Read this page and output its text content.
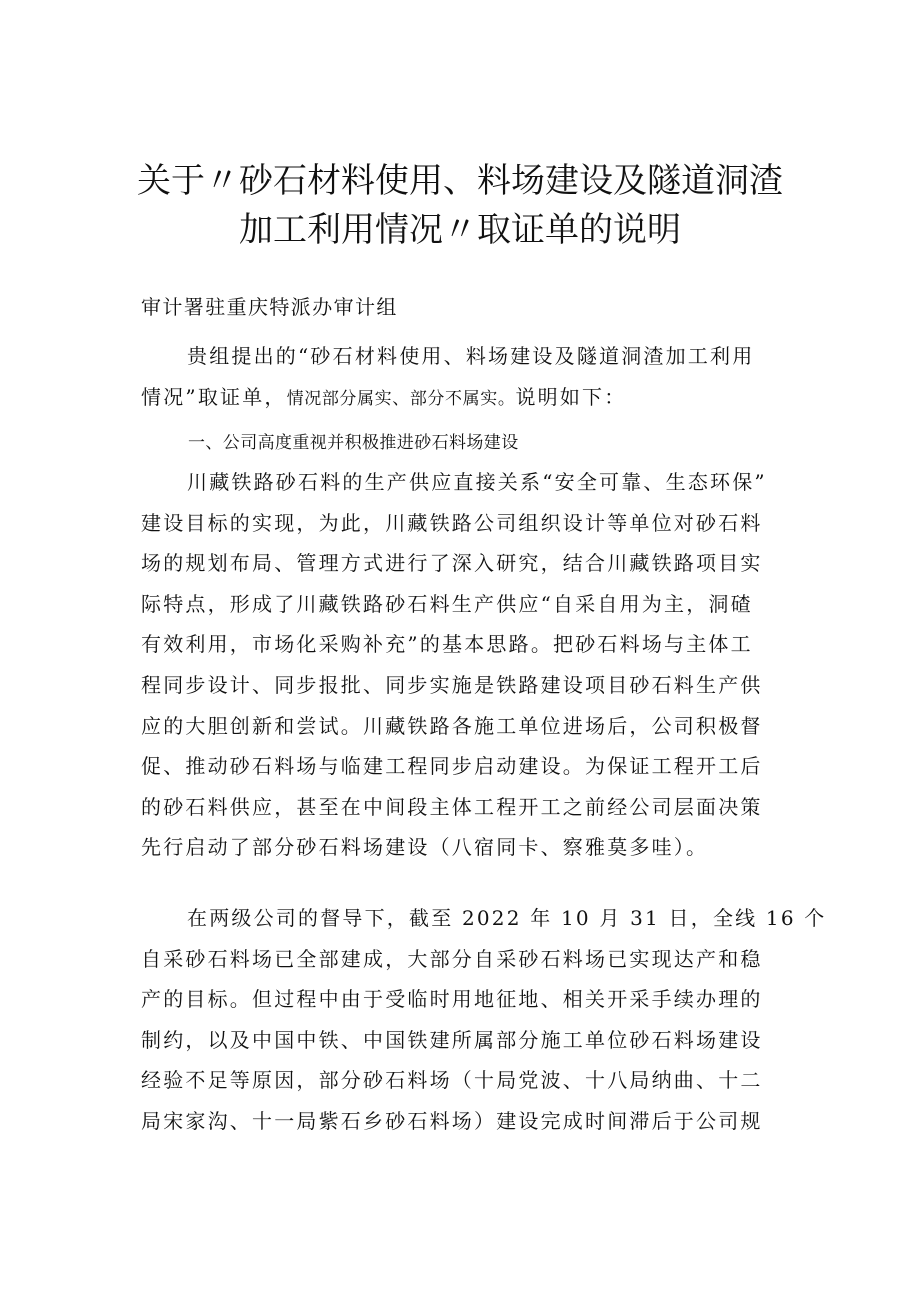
关于〃砂石材料使用、料场建设及隧道洞渣
加工利用情况〃取证单的说明
审计署驻重庆特派办审计组
贵组提出的“砂石材料使用、料场建设及隧道洞渣加工利用
情况”取证单，情况部分属实、部分不属实。说明如下：
一、公司高度重视并积极推进砂石料场建设
川藏铁路砂石料的生产供应直接关系“安全可靠、生态环保”
建设目标的实现，为此，川藏铁路公司组织设计等单位对砂石料
场的规划布局、管理方式进行了深入研究，结合川藏铁路项目实
际特点，形成了川藏铁路砂石料生产供应“自采自用为主，洞碴
有效利用，市场化采购补充”的基本思路。把砂石料场与主体工
程同步设计、同步报批、同步实施是铁路建设项目砂石料生产供
应的大胆创新和尝试。川藏铁路各施工单位进场后，公司积极督
促、推动砂石料场与临建工程同步启动建设。为保证工程开工后
的砂石料供应，甚至在中间段主体工程开工之前经公司层面决策
先行启动了部分砂石料场建设（八宿同卡、察雅莫多哇）。
在两级公司的督导下，截至 2022 年 10 月 31 日，全线 16 个
自采砂石料场已全部建成，大部分自采砂石料场已实现达产和稳
产的目标。但过程中由于受临时用地征地、相关开采手续办理的
制约，以及中国中铁、中国铁建所属部分施工单位砂石料场建设
经验不足等原因，部分砂石料场（十局党波、十八局纳曲、十二
局宋家沟、十一局紫石乡砂石料场）建设完成时间滞后于公司规
